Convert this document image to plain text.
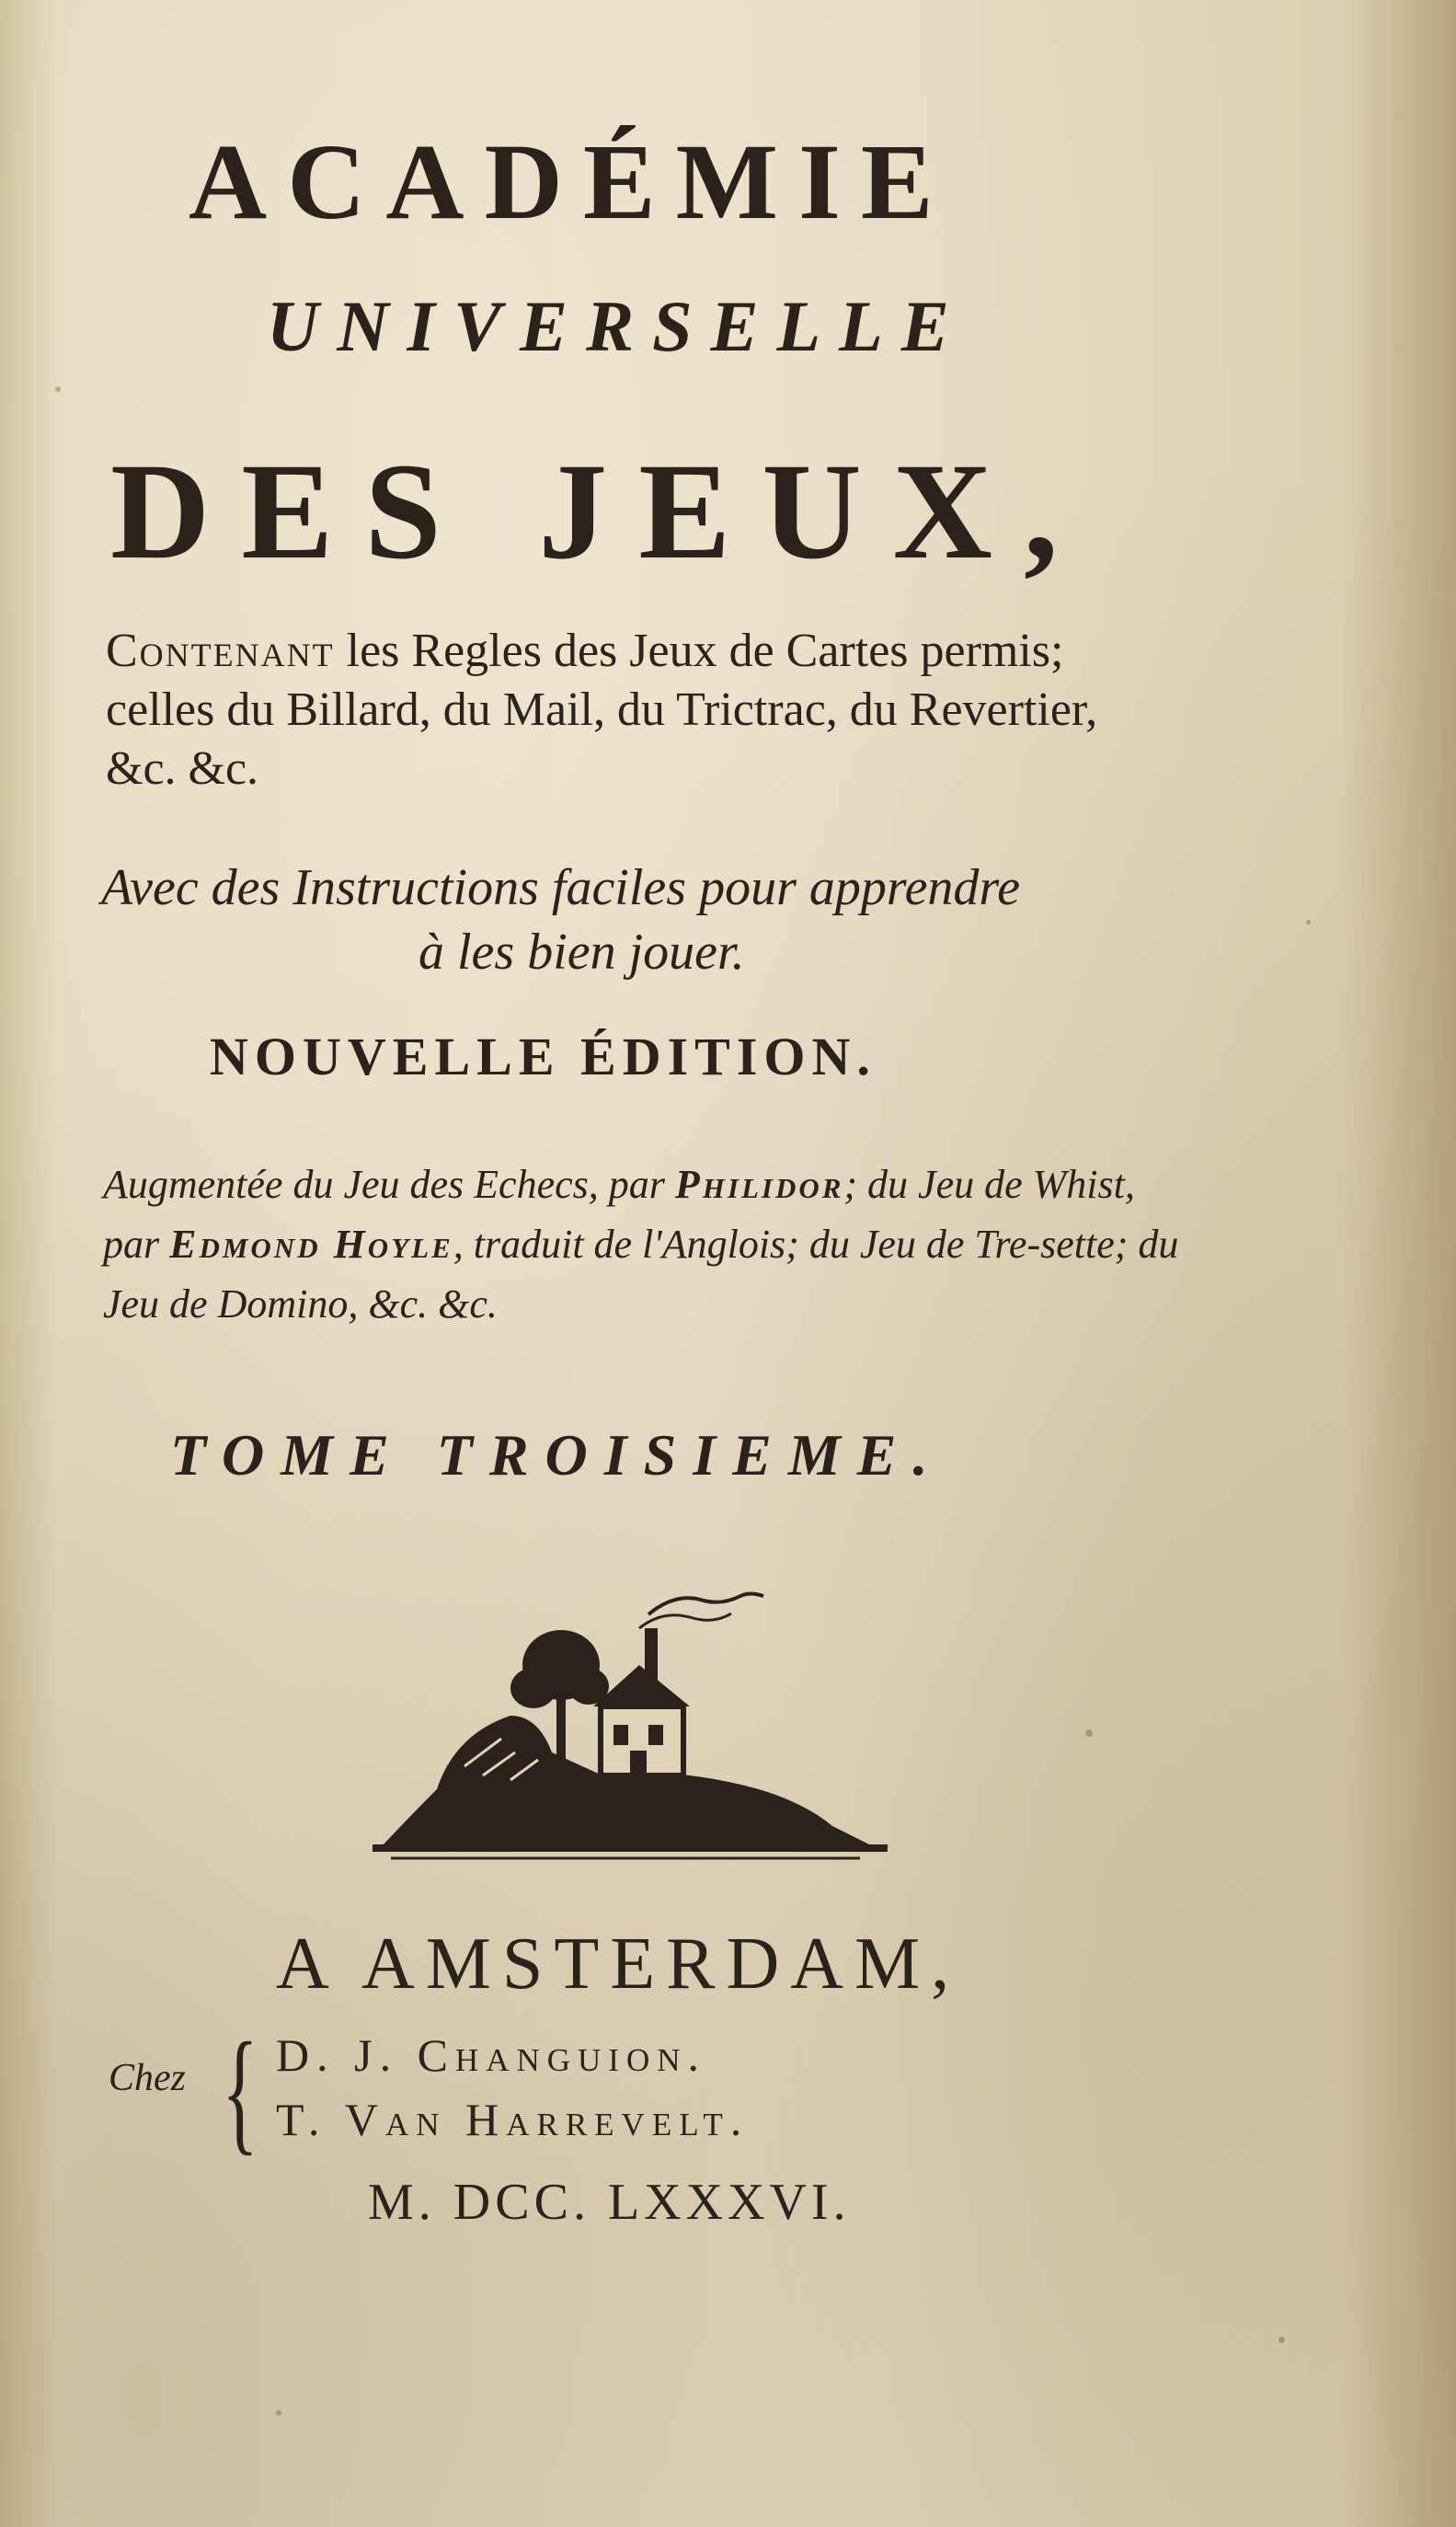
ACADÉMIE
UNIVERSELLE
DES JEUX,
Contenant les Regles des Jeux de Cartes permis; celles du Billard, du Mail, du Trictrac, du Revertier, &c. &c.
Avec des Instructions faciles pour apprendre
à les bien jouer.
NOUVELLE ÉDITION.
Augmentée du Jeu des Echecs, par Philidor; du Jeu de Whist, par Edmond Hoyle, traduit de l'Anglois; du Jeu de Tre-sette; du Jeu de Domino, &c. &c.
TOME TROISIEME.
A AMSTERDAM,
Chez { D. J. Changuion.
T. Van Harrevelt.
M. DCC. LXXXVI.
